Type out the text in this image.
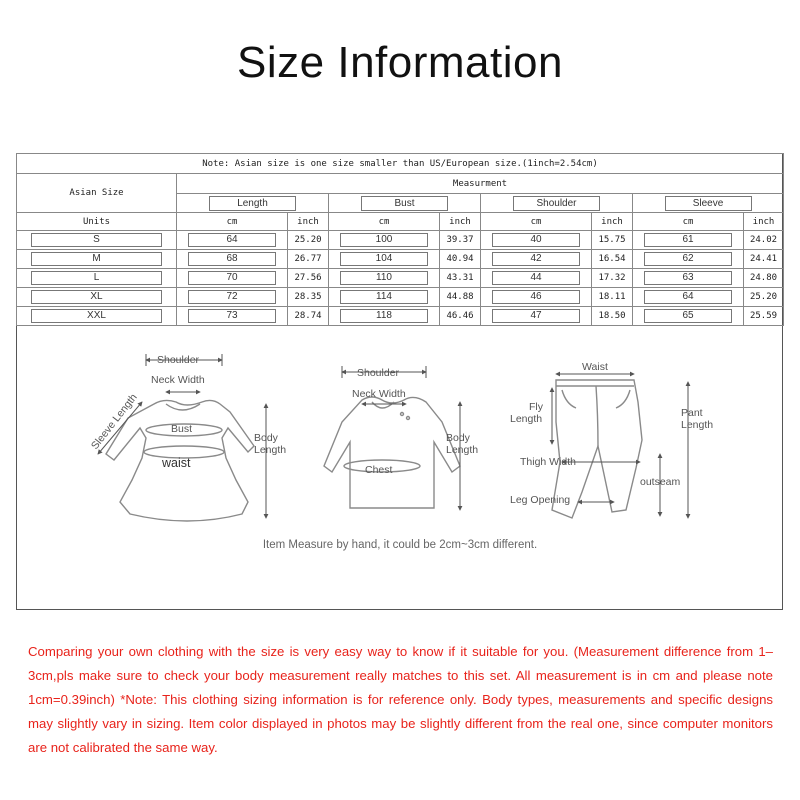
Size Information
Note: Asian size is one size smaller than US/European size.(1inch=2.54cm)								
Asian Size	Measurment							
	Length		Bust		Shoulder		Sleeve	
Units	cm	inch	cm	inch	cm	inch	cm	inch
S	64	25.20	100	39.37	40	15.75	61	24.02
M	68	26.77	104	40.94	42	16.54	62	24.41
L	70	27.56	110	43.31	44	17.32	63	24.80
XL	72	28.35	114	44.88	46	18.11	64	25.20
XXL	73	28.74	118	46.46	47	18.50	65	25.59
Shoulder
Neck Width
Sleeve Length	Bust
waist
Body
Length
Shoulder
Neck Width
Chest
Body
Length
Waist
Fly
Length	Pant
Length
Thigh Width
outseam
Leg Opening
Item Measure by hand, it could be 2cm~3cm different.
Comparing your own clothing with the size is very easy way to know if it suitable for you. (Measurement difference from 1– 3cm,pls make sure to check your body measurement really matches to this set. All measurement is in cm and please note 1cm=0.39inch) *Note: This clothing sizing information is for reference only. Body types, measurements and specific designs may slightly vary in sizing. Item color displayed in photos may be slightly different from the real one, since computer monitors are not calibrated the same way.
